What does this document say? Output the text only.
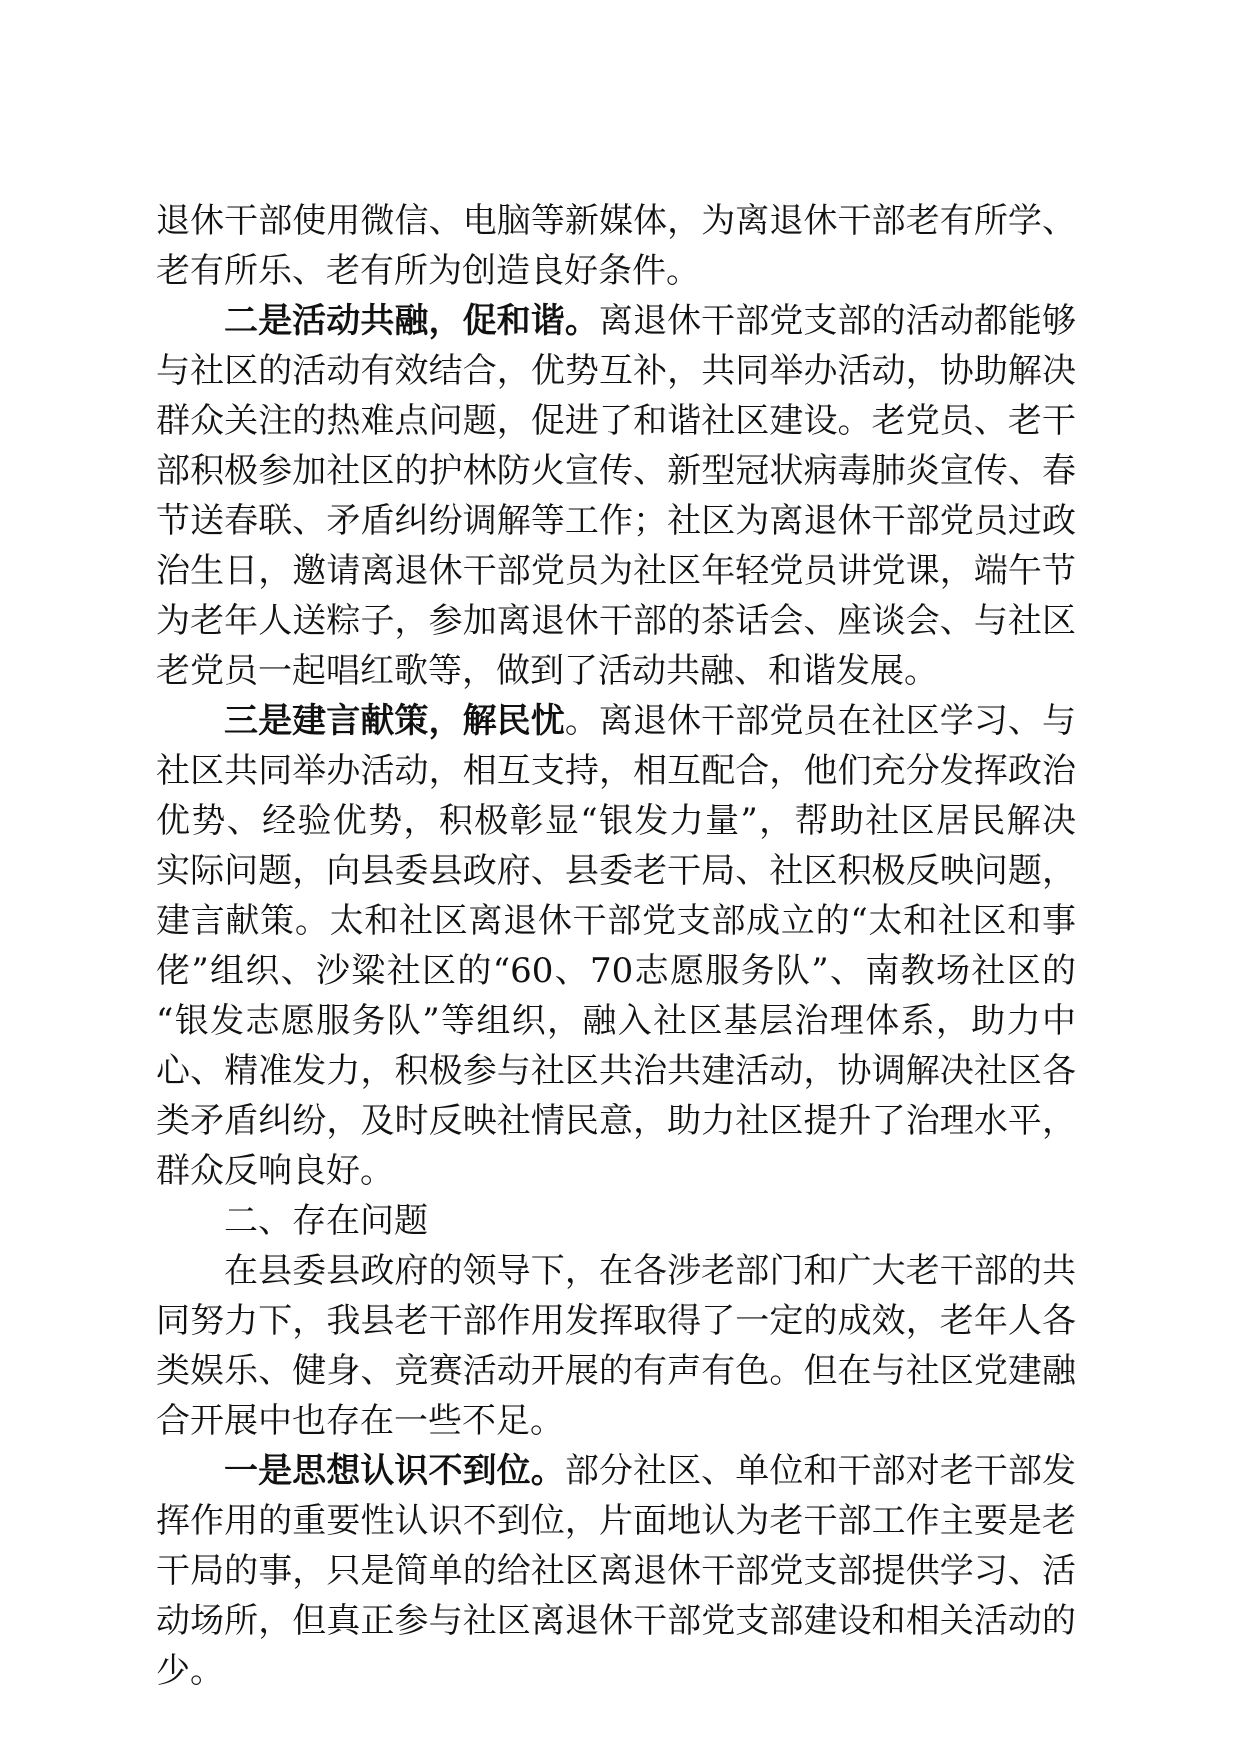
退休干部使用微信、电脑等新媒体，为离退休干部老有所学、
老有所乐、老有所为创造良好条件。
二是活动共融，促和谐。离退休干部党支部的活动都能够
与社区的活动有效结合，优势互补，共同举办活动，协助解决
群众关注的热难点问题，促进了和谐社区建设。老党员、老干
部积极参加社区的护林防火宣传、新型冠状病毒肺炎宣传、春
节送春联、矛盾纠纷调解等工作；社区为离退休干部党员过政
治生日，邀请离退休干部党员为社区年轻党员讲党课，端午节
为老年人送粽子，参加离退休干部的茶话会、座谈会、与社区
老党员一起唱红歌等，做到了活动共融、和谐发展。
三是建言献策，解民忧。离退休干部党员在社区学习、与
社区共同举办活动，相互支持，相互配合，他们充分发挥政治
优势、经验优势，积极彰显“银发力量”，帮助社区居民解决
实际问题，向县委县政府、县委老干局、社区积极反映问题，
建言献策。太和社区离退休干部党支部成立的“太和社区和事
佬”组织、沙粱社区的“60、70志愿服务队”、南教场社区的
“银发志愿服务队”等组织，融入社区基层治理体系，助力中
心、精准发力，积极参与社区共治共建活动，协调解决社区各
类矛盾纠纷，及时反映社情民意，助力社区提升了治理水平，
群众反响良好。
二、存在问题
在县委县政府的领导下，在各涉老部门和广大老干部的共
同努力下，我县老干部作用发挥取得了一定的成效，老年人各
类娱乐、健身、竞赛活动开展的有声有色。但在与社区党建融
合开展中也存在一些不足。
一是思想认识不到位。部分社区、单位和干部对老干部发
挥作用的重要性认识不到位，片面地认为老干部工作主要是老
干局的事，只是简单的给社区离退休干部党支部提供学习、活
动场所，但真正参与社区离退休干部党支部建设和相关活动的
少。
